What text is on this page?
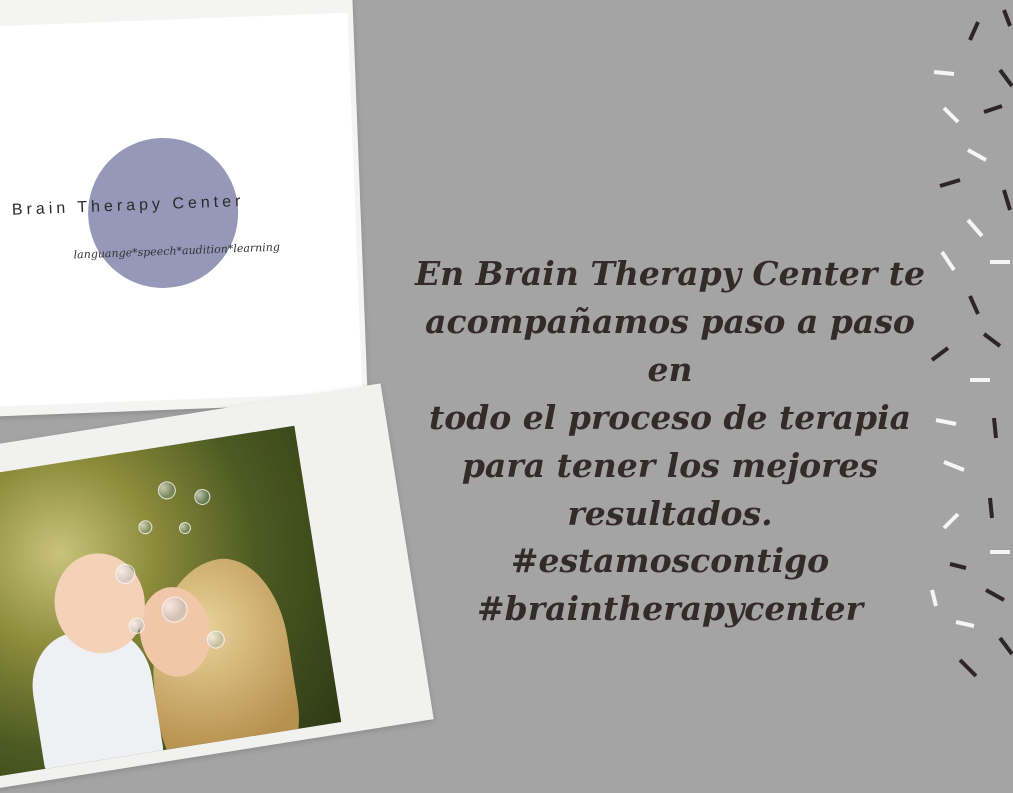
Brain Therapy Center
languange*speech*audition*learning
En Brain Therapy Center te
acompañamos paso a paso en
todo el proceso de terapia
para tener los mejores
resultados.
#estamoscontigo
#braintherapycenter
